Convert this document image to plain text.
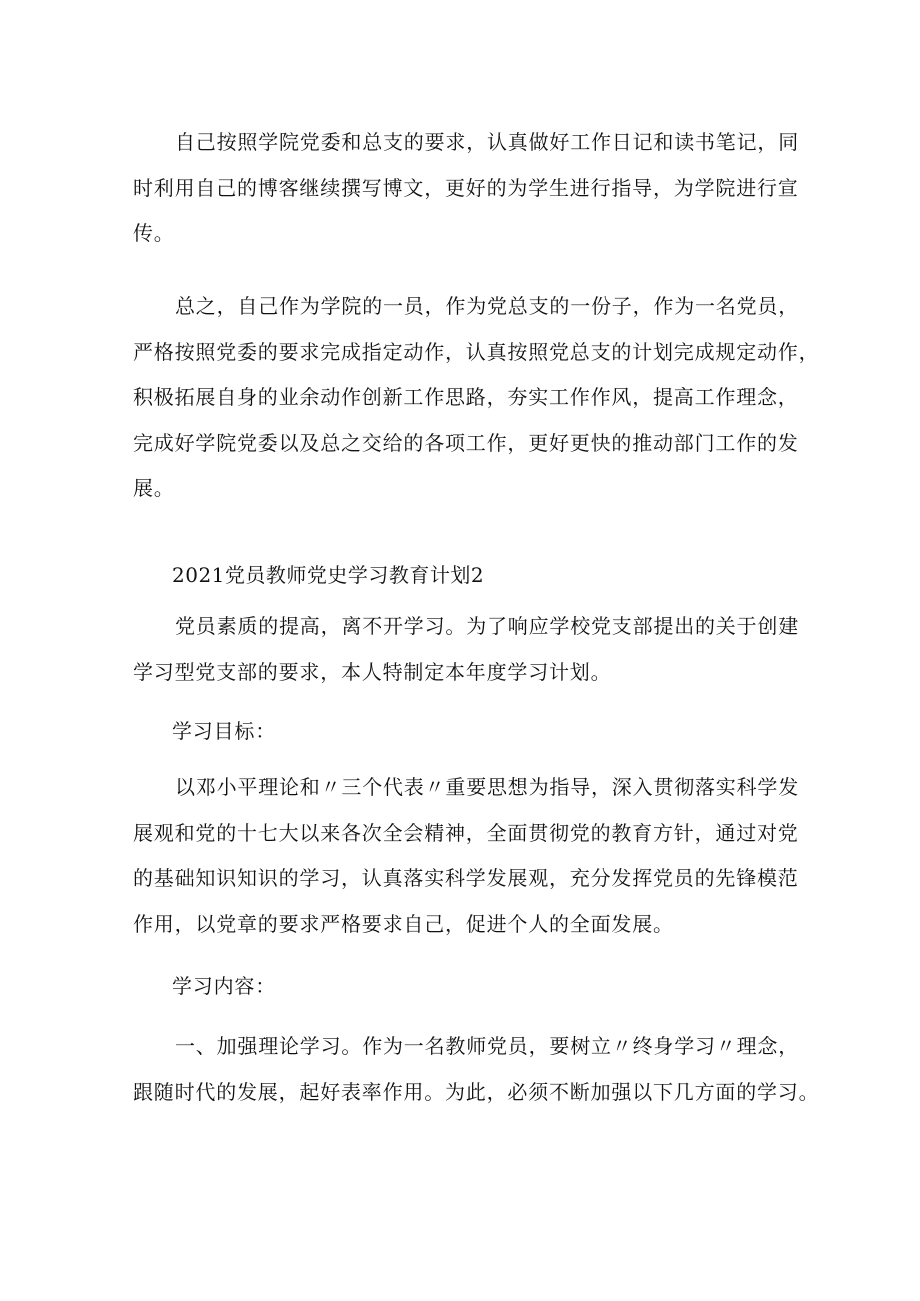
自己按照学院党委和总支的要求，认真做好工作日记和读书笔记，同
时利用自己的博客继续撰写博文，更好的为学生进行指导，为学院进行宣
传。

总之，自己作为学院的一员，作为党总支的一份子，作为一名党员，
严格按照党委的要求完成指定动作，认真按照党总支的计划完成规定动作，
积极拓展自身的业余动作创新工作思路，夯实工作作风，提高工作理念，
完成好学院党委以及总之交给的各项工作，更好更快的推动部门工作的发
展。

2021党员教师党史学习教育计划2

党员素质的提高，离不开学习。为了响应学校党支部提出的关于创建
学习型党支部的要求，本人特制定本年度学习计划。

学习目标：

以邓小平理论和〃三个代表〃重要思想为指导，深入贯彻落实科学发
展观和党的十七大以来各次全会精神，全面贯彻党的教育方针，通过对党
的基础知识知识的学习，认真落实科学发展观，充分发挥党员的先锋模范
作用，以党章的要求严格要求自己，促进个人的全面发展。

学习内容：

一、加强理论学习。作为一名教师党员，要树立〃终身学习〃理念，
跟随时代的发展，起好表率作用。为此，必须不断加强以下几方面的学习。
